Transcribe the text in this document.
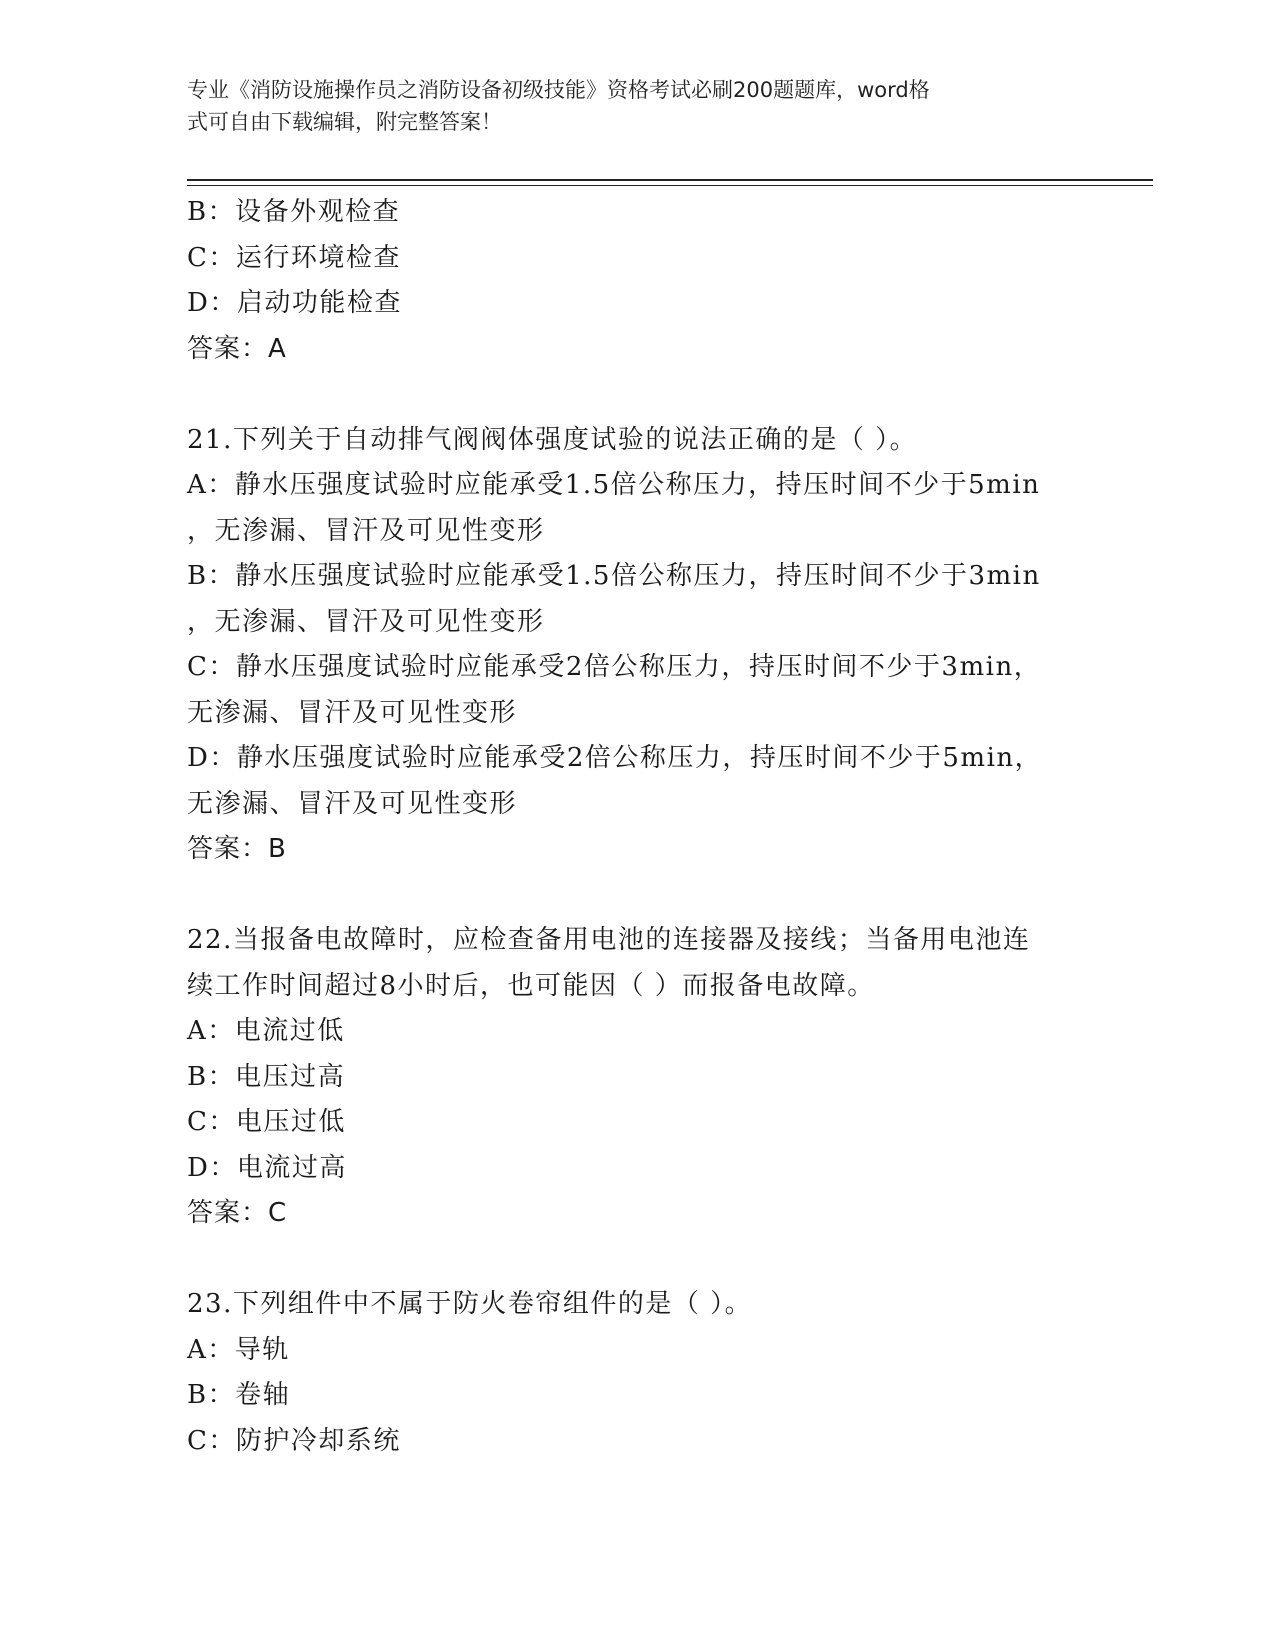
专业《消防设施操作员之消防设备初级技能》资格考试必刷200题题库，word格
式可自由下载编辑，附完整答案！
B：设备外观检查
C：运行环境检查
D：启动功能检查
答案：A
21.下列关于自动排气阀阀体强度试验的说法正确的是（ ）。
A：静水压强度试验时应能承受1.5倍公称压力，持压时间不少于5min
，无渗漏、冒汗及可见性变形
B：静水压强度试验时应能承受1.5倍公称压力，持压时间不少于3min
，无渗漏、冒汗及可见性变形
C：静水压强度试验时应能承受2倍公称压力，持压时间不少于3min，
无渗漏、冒汗及可见性变形
D：静水压强度试验时应能承受2倍公称压力，持压时间不少于5min，
无渗漏、冒汗及可见性变形
答案：B
22.当报备电故障时，应检查备用电池的连接器及接线；当备用电池连
续工作时间超过8小时后，也可能因（ ）而报备电故障。
A：电流过低
B：电压过高
C：电压过低
D：电流过高
答案：C
23.下列组件中不属于防火卷帘组件的是（ ）。
A：导轨
B：卷轴
C：防护冷却系统
